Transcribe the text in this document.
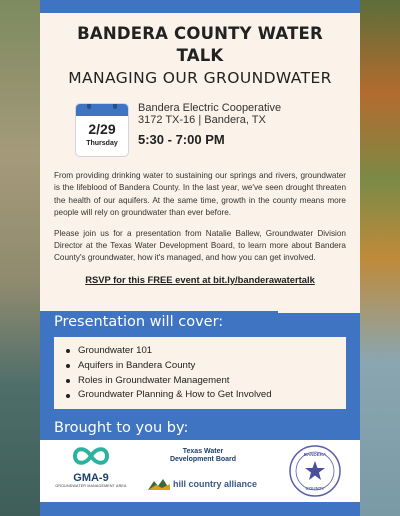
BANDERA COUNTY WATER TALK
MANAGING OUR GROUNDWATER
2/29
Thursday
Bandera Electric Cooperative
3172 TX-16 | Bandera, TX
5:30 - 7:00 PM

From providing drinking water to sustaining our springs and rivers, groundwater is the lifeblood of Bandera County. In the last year, we've seen drought threaten the health of our aquifers. At the same time, growth in the county means more people will rely on groundwater than ever before.

Please join us for a presentation from Natalie Ballew, Groundwater Division Director at the Texas Water Development Board, to learn more about Bandera County's groundwater, how it's managed, and how you can get involved.

RSVP for this FREE event at bit.ly/banderawatertalk
Presentation will cover:
Groundwater 101
Aquifers in Bandera County
Roles in Groundwater Management
Groundwater Planning & How to Get Involved
Brought to you by:
GMA-9
GROUNDWATER MANAGEMENT AREA
Texas Water
Development Board
hill country alliance
BANDERA
COUNTY
